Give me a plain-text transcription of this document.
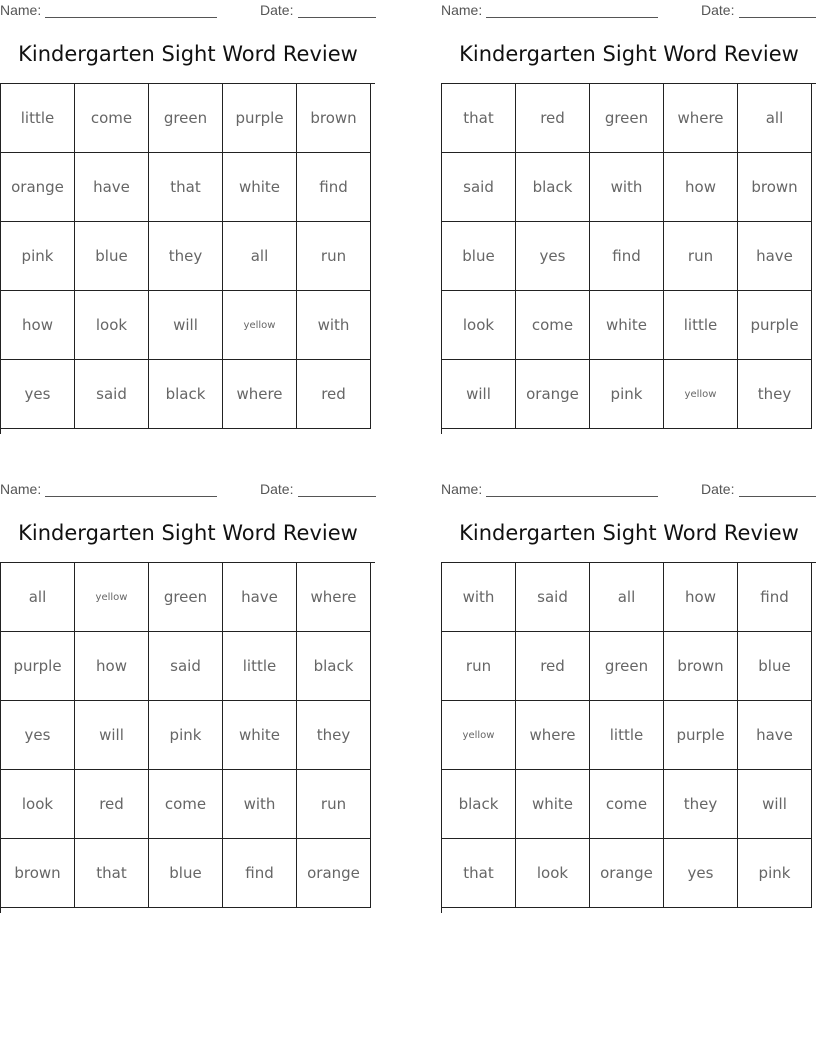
Name:	Date:
Kindergarten Sight Word Review
little	come	green	purple	brown
orange	have	that	white	find
pink	blue	they	all	run
how	look	will	yellow	with
yes	said	black	where	red
Name:	Date:
Kindergarten Sight Word Review
that	red	green	where	all
said	black	with	how	brown
blue	yes	find	run	have
look	come	white	little	purple
will	orange	pink	yellow	they
Name:	Date:
Kindergarten Sight Word Review
all	yellow	green	have	where
purple	how	said	little	black
yes	will	pink	white	they
look	red	come	with	run
brown	that	blue	find	orange
Name:	Date:
Kindergarten Sight Word Review
with	said	all	how	find
run	red	green	brown	blue
yellow	where	little	purple	have
black	white	come	they	will
that	look	orange	yes	pink
